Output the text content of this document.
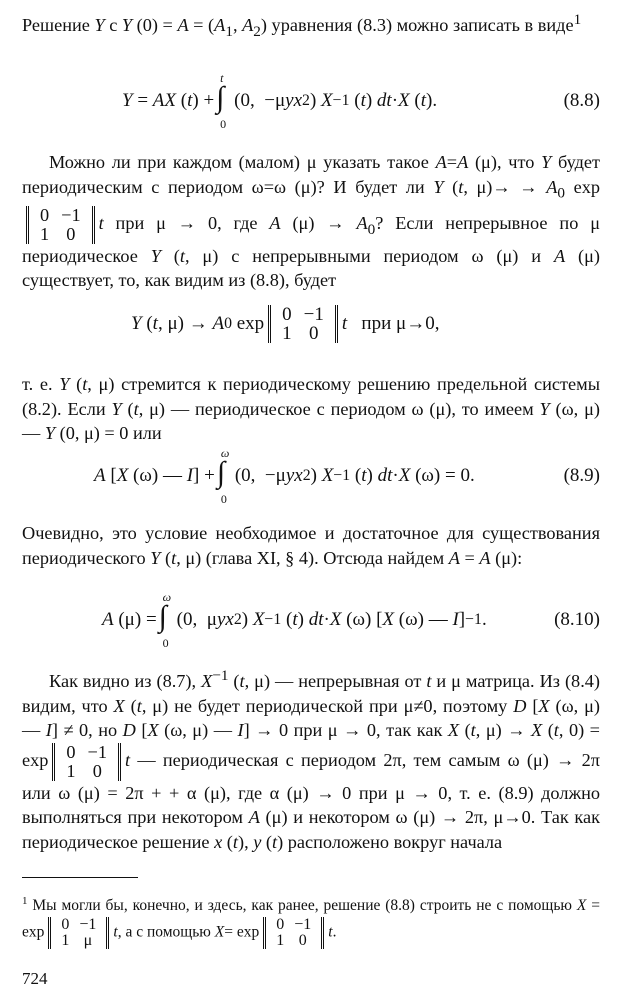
Решение Y с Y $(0) = A = (A_1$, $A_2$) уравнения (8.3) можно записать в виде$^1$
Y = AX ( t ) +
t
∫
0
(0,  −μ yx 2 ) X −1 ( t ) dt · X ( t ).	(8.8)
Можно ли при каждом (малом) μ указать такое A=A (μ), что Y будет периодическим с периодом ω=ω (μ)? И будет ли Y (t, $\mu)\to \to A_0$ exp
0	−1
1	0
t при μ → 0, где A $(\mu) \to A_0$? Если непрерывное по μ периодическое Y (t, μ) с непрерывными периодом ω (μ) и A (μ) существует, то, как видим из (8.8), будет
Y ( t , μ) → A 0 exp 0	−1
1	0 t при μ→0,
т. е. Y (t, μ) стремится к периодическому решению предельной системы (8.2). Если Y (t, μ) — периодическое с периодом ω (μ), то имеем Y (ω, μ) — Y (0, μ) = 0 или
A [ X (ω) — I ] +
ω
∫
0
(0,  −μ yx 2 ) X −1 ( t ) dt · X (ω) = 0.	(8.9)
Очевидно, это условие необходимое и достаточное для существования периодического Y (t, μ) (глава XI, § 4). Отсюда найдем A = A (μ):
A (μ) =
ω
∫
0
(0,  μ yx 2 ) X −1 ( t ) dt · X (ω) [ X (ω) — I ] −1 .	(8.10)
Как видно из (8.7), $X^{-1}$ (t, μ) — непрерывная от t и μ матрица. Из (8.4) видим, что X (t, μ) не будет периодической при μ≠0, поэтому D [X (ω, μ) — I] ≠ 0, но D [X (ω, μ) — I] → 0 при μ → 0, так как X (t, μ) → X (t, 0) = exp 0	−1
1	0
t — периодическая с периодом 2π, тем самым ω (μ) → 2π или ω (μ) = 2π + + α (μ), где α (μ) → 0 при μ → 0, т. е. (8.9) должно выполняться при некотором A (μ) и некотором ω (μ) → 2π, μ→0. Так как периодическое решение x (t), y (t) расположено вокруг начала
$^1$ Мы могли бы, конечно, и здесь, как ранее, решение (8.8) строить не с помощью X = exp 0	−1
1	μ t, а с помощью X= exp 0	−1
1	0 t.
724
